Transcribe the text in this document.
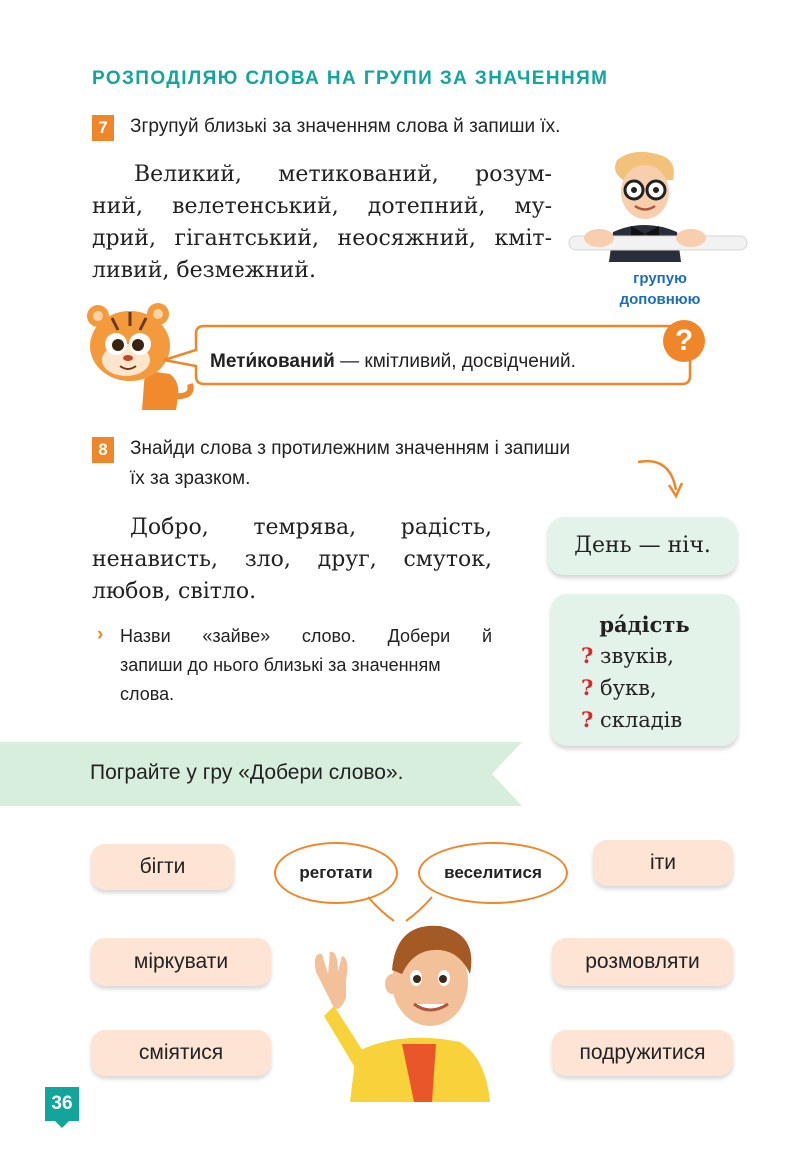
РОЗПОДІЛЯЮ СЛОВА НА ГРУПИ ЗА ЗНАЧЕННЯМ
7	Згрупуй близькі за значенням слова й запиши їх.
Великий, метикований, розум-
ний, велетенський, дотепний, му-
дрий, гігантський, неосяжний, кміт-
ливий, безмежний.	групую
доповнюю
Мети́кований — кмітливий, досвідчений.
?
8	Знайди слова з протилежним значенням і запиши
їх за зразком.
Добро, темрява, радість,
ненависть, зло, друг, смуток,
любов, світло.
› Назви «зайве» слово. Добери й
запиши до нього близькі за значенням
слова.
День — ніч.
ра́дість
? звуків,
? букв,
? складів
Пограйте у гру «Добери слово».
бігти
міркувати
сміятися
іти
розмовляти
подружитися
реготати	веселитися
36
